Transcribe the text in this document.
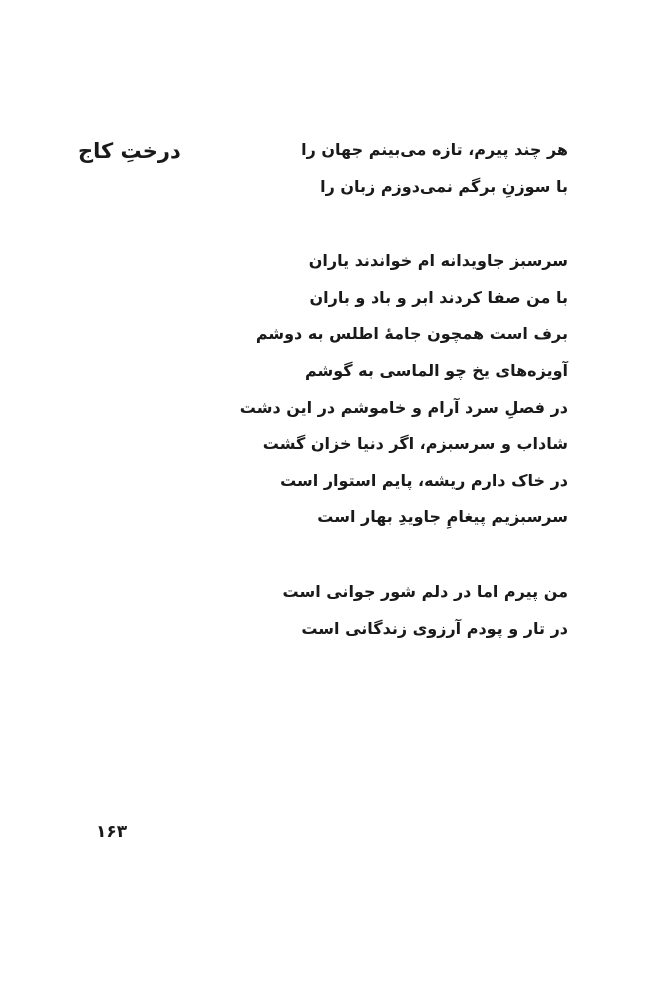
درختِ کاج	هر چند پیرم، تازه می‌بینم جهان را
با سوزنِ برگم نمی‌دوزم زبان را
سرسبز جاویدانه ام خواندند یاران
با من صفا کردند ابر و باد و باران
برف است همچون جامهٔ اطلس به دوشم
آویزه‌های یخ چو الماسی به گوشم
در فصلِ سرد آرام و خاموشم در این دشت
شاداب و سرسبزم، اگر دنیا خزان گشت
در خاک دارم ریشه، پایم استوار است
سرسبزیم پیغامِ جاویدِ بهار است
من پیرم اما در دلم شور جوانی است
در تار و پودم آرزوی زندگانی است
۱۶۳
